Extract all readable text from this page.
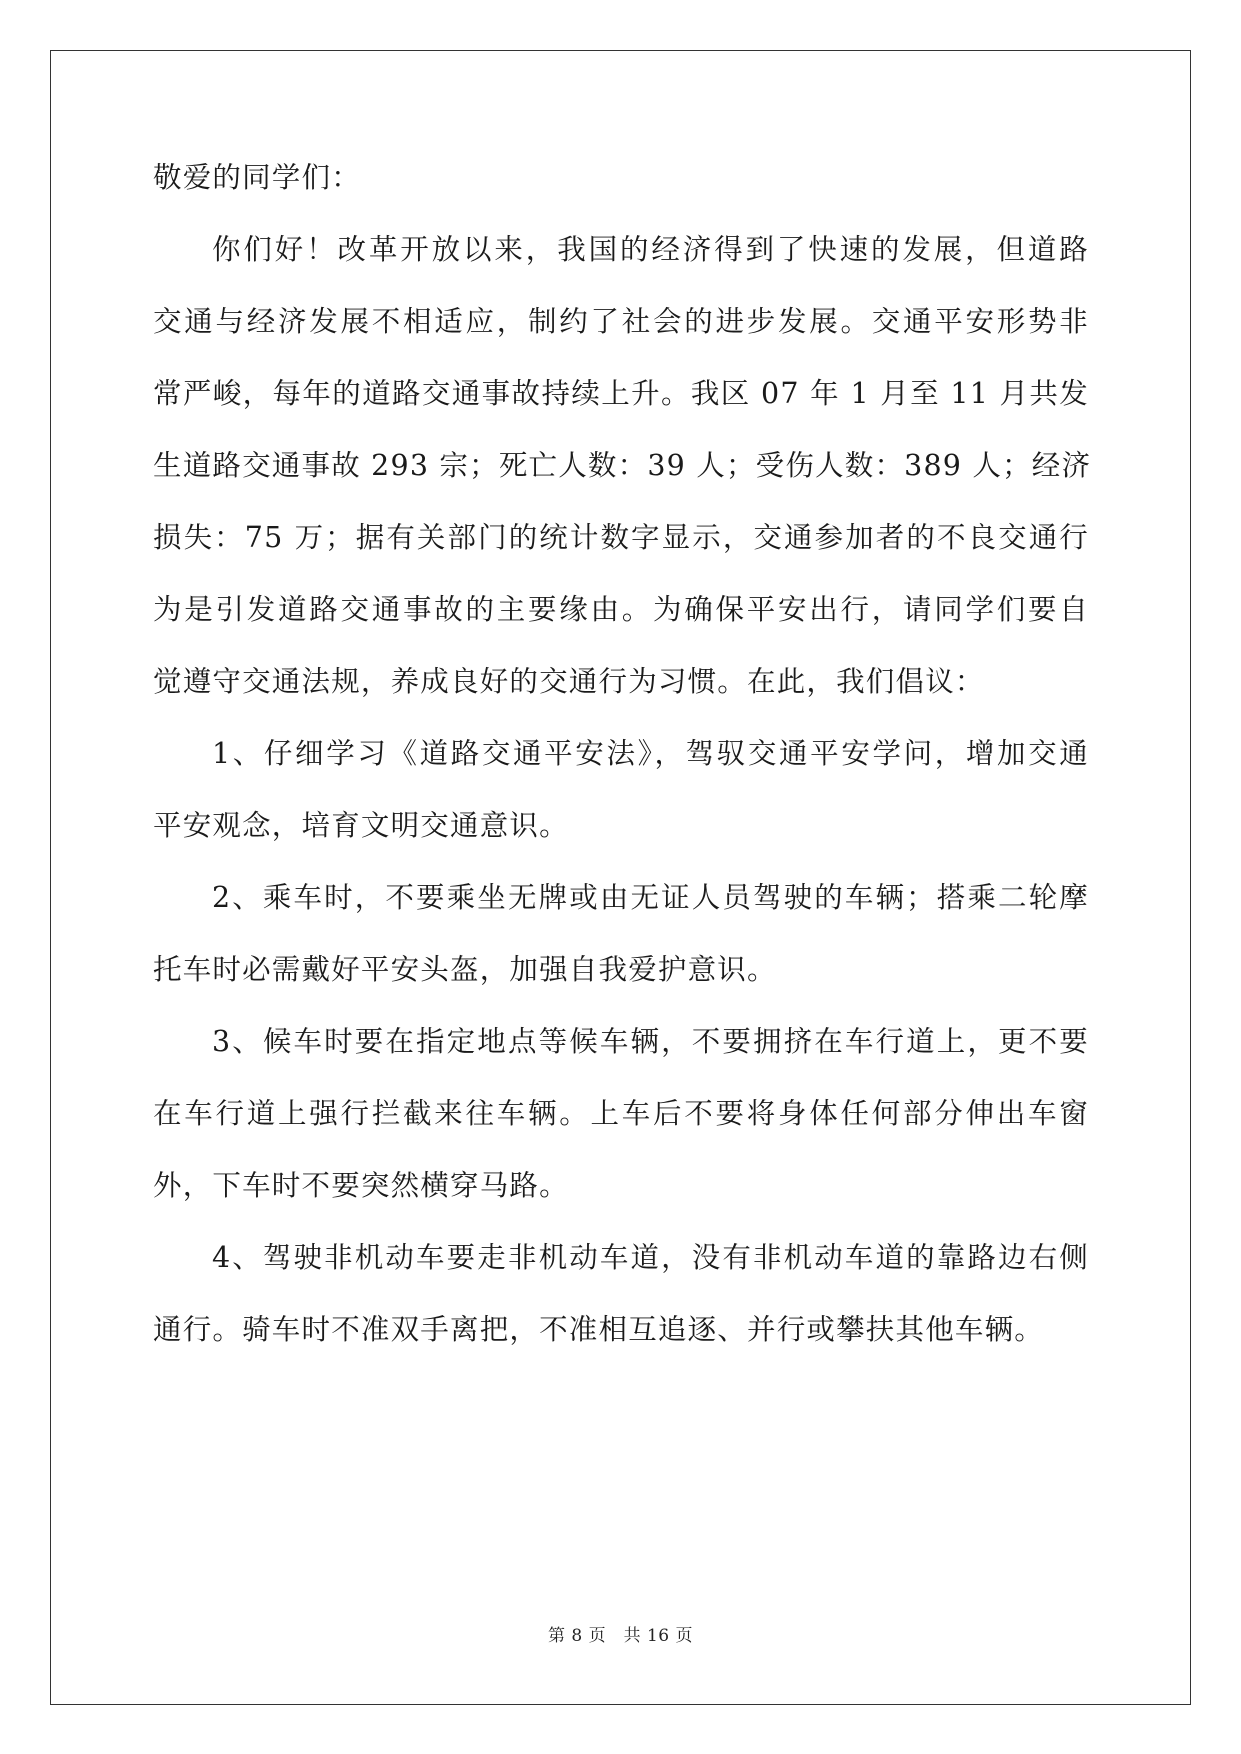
敬爱的同学们：
你们好！改革开放以来，我国的经济得到了快速的发展，但道路
交通与经济发展不相适应，制约了社会的进步发展。交通平安形势非
常严峻，每年的道路交通事故持续上升。我区 07 年 1 月至 11 月共发
生道路交通事故 293 宗；死亡人数：39 人；受伤人数：389 人；经济
损失：75 万；据有关部门的统计数字显示，交通参加者的不良交通行
为是引发道路交通事故的主要缘由。为确保平安出行，请同学们要自
觉遵守交通法规，养成良好的交通行为习惯。在此，我们倡议：
1、仔细学习《道路交通平安法》，驾驭交通平安学问，增加交通
平安观念，培育文明交通意识。
2、乘车时，不要乘坐无牌或由无证人员驾驶的车辆；搭乘二轮摩
托车时必需戴好平安头盔，加强自我爱护意识。
3、候车时要在指定地点等候车辆，不要拥挤在车行道上，更不要
在车行道上强行拦截来往车辆。上车后不要将身体任何部分伸出车窗
外，下车时不要突然横穿马路。
4、驾驶非机动车要走非机动车道，没有非机动车道的靠路边右侧
通行。骑车时不准双手离把，不准相互追逐、并行或攀扶其他车辆。
第 8 页　共 16 页
